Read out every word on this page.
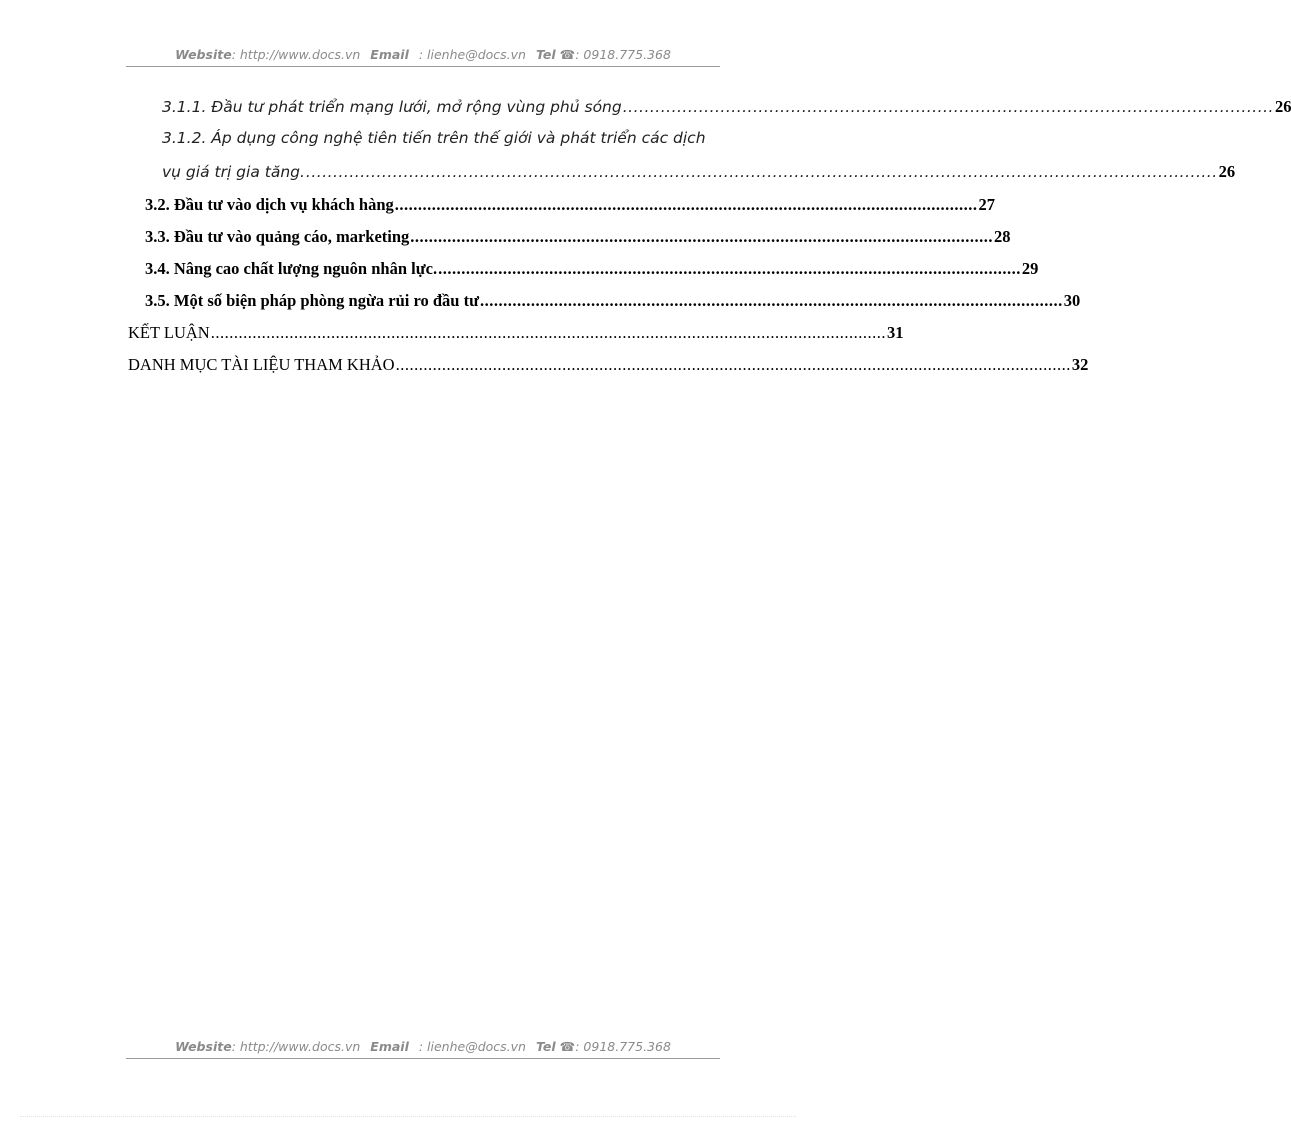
Website: http://www.docs.vn Email : lienhe@docs.vn Tel ☎: 0918.775.368
3.1.1. Đầu tư phát triển mạng lưới, mở rộng vùng phủ sóng ........................................................................................................................ 26
3.1.2. Áp dụng công nghệ tiên tiến trên thế giới và phát triển các dịch
vụ giá trị gia tăng. ........................................................................................................................................................................ 26
3.2. Đầu tư vào dịch vụ khách hàng .............................................................................................................................. 27
3.3. Đầu tư vào quảng cáo, marketing .............................................................................................................................. 28
3.4. Nâng cao chất lượng nguôn nhân lực. .............................................................................................................................. 29
3.5. Một số biện pháp phòng ngừa rủi ro đầu tư .............................................................................................................................. 30
KẾT LUẬN .................................................................................................................................................. 31
DANH MỤC TÀI LIỆU THAM KHẢO .................................................................................................................................................. 32
Website: http://www.docs.vn Email : lienhe@docs.vn Tel ☎: 0918.775.368
